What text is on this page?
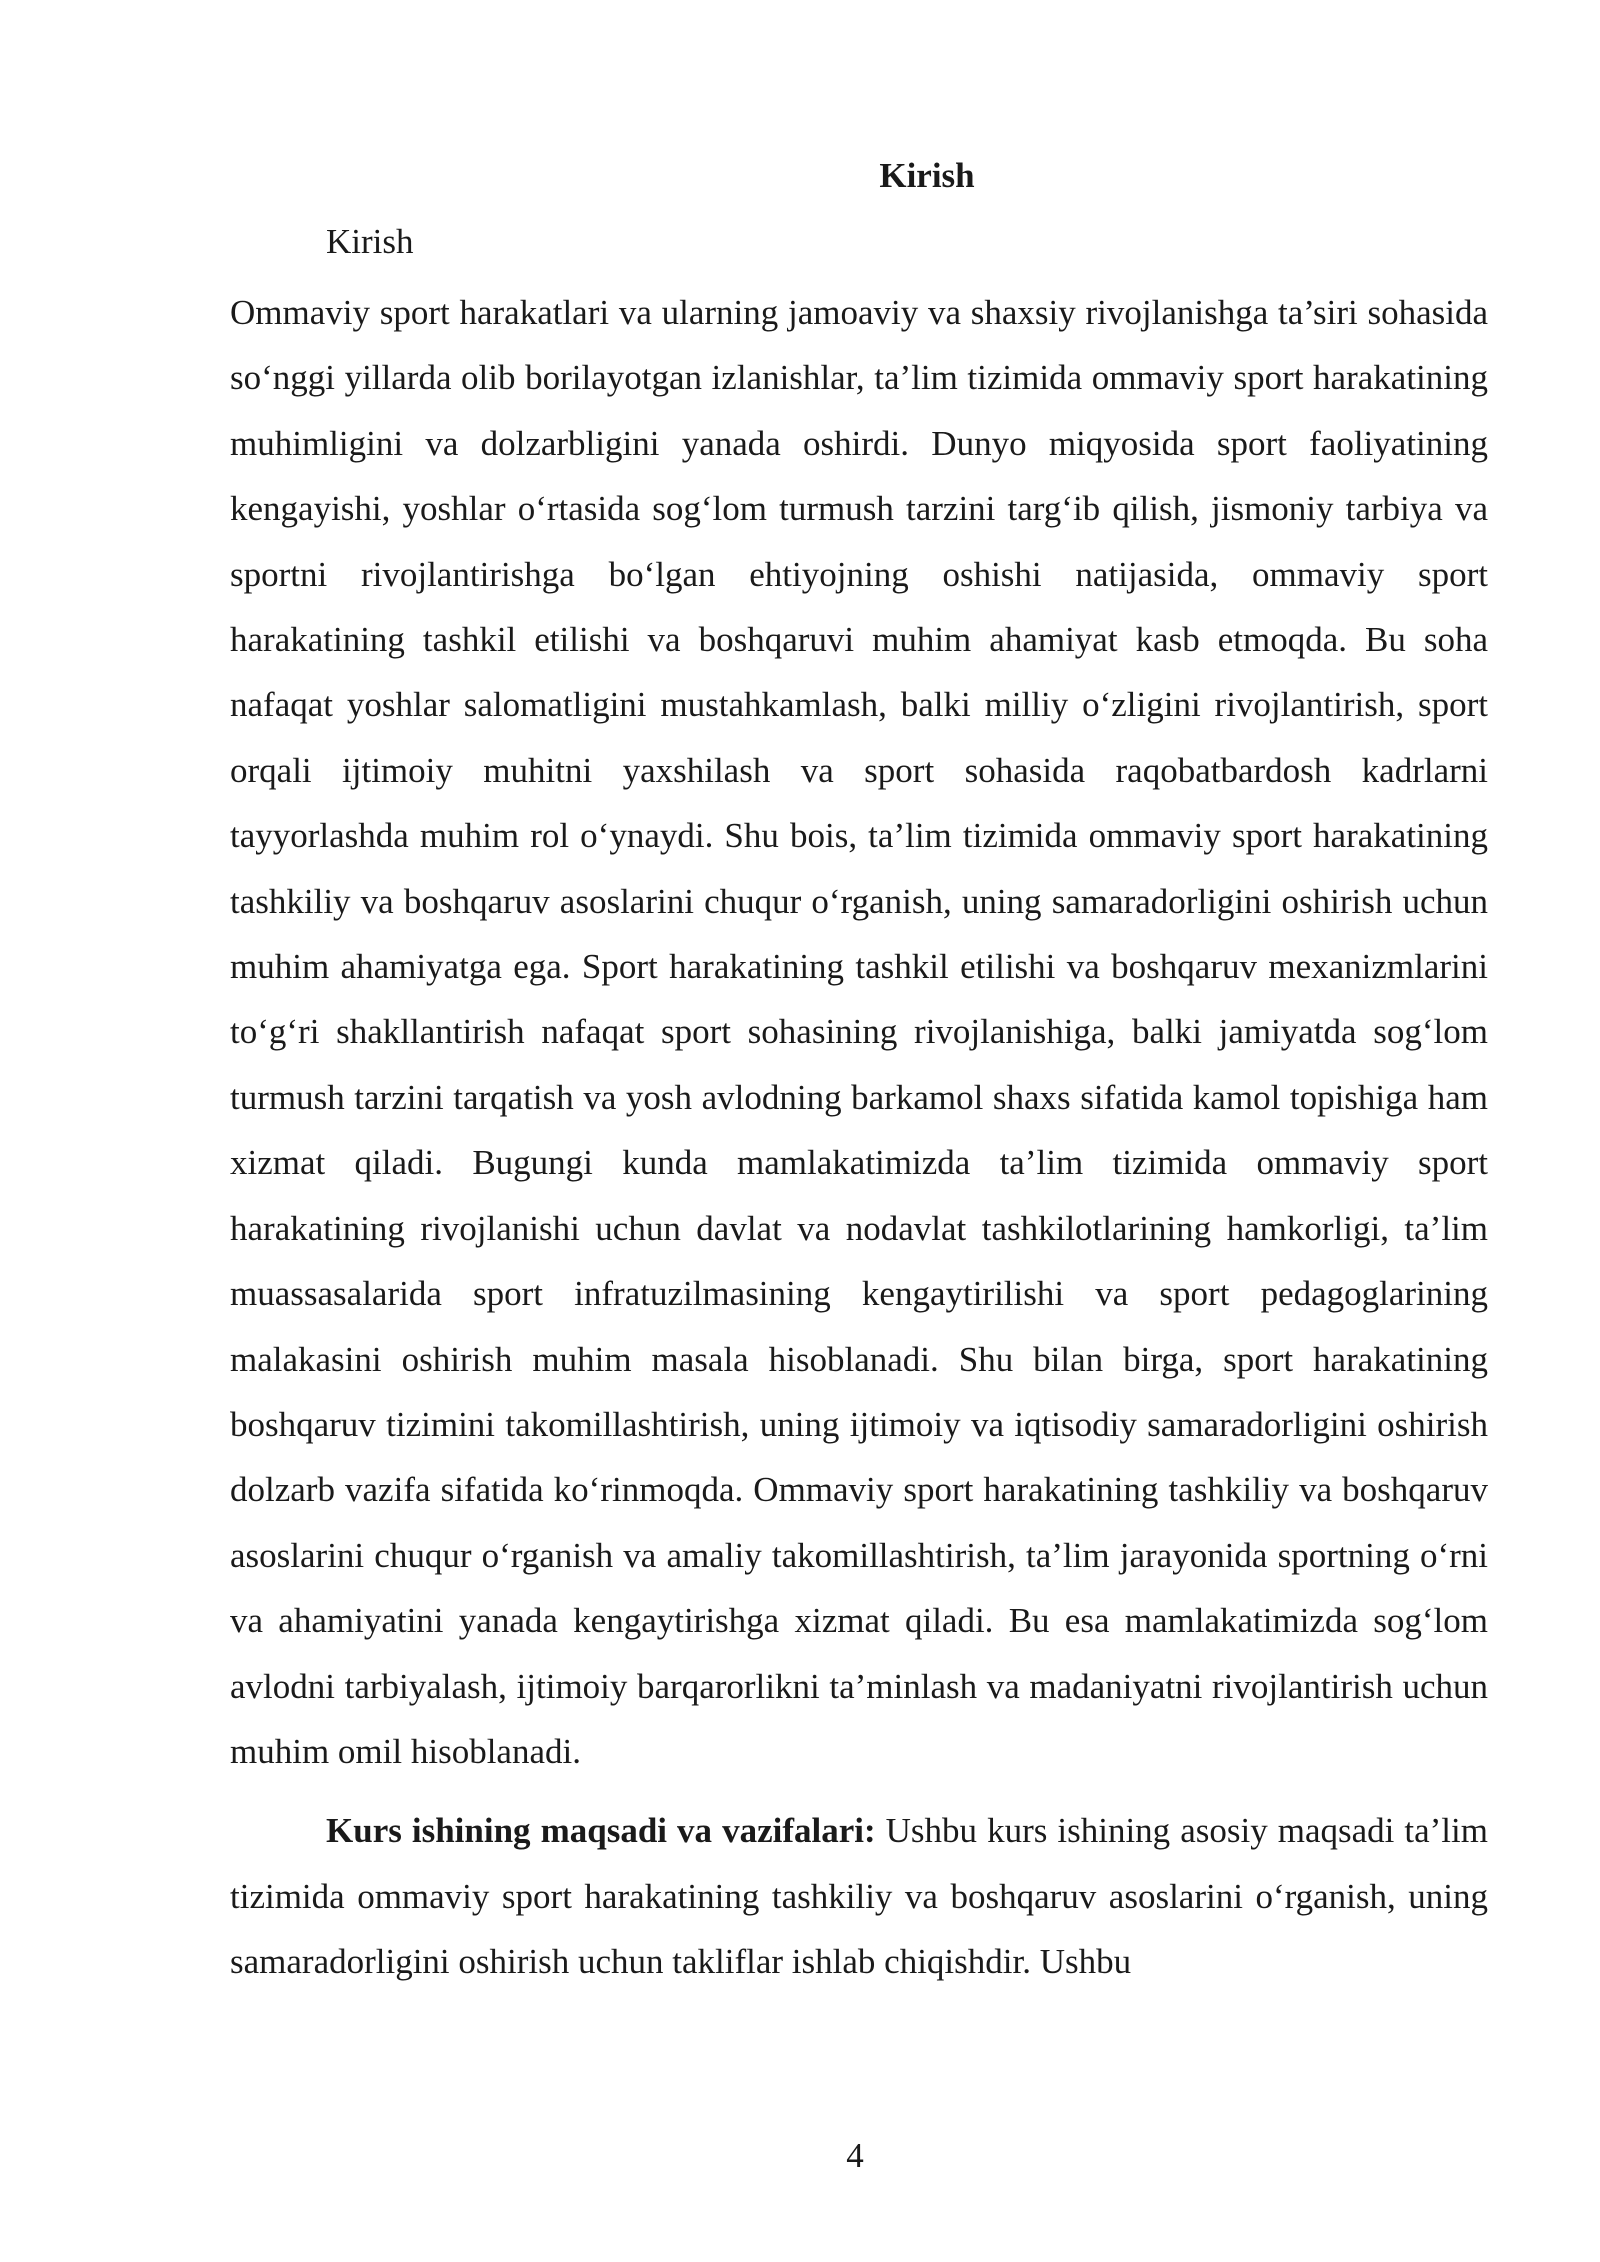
Kirish
Kirish

Ommaviy sport harakatlari va ularning jamoaviy va shaxsiy rivojlanishga ta’siri sohasida so‘nggi yillarda olib borilayotgan izlanishlar, ta’lim tizimida ommaviy sport harakatining muhimligini va dolzarbligini yanada oshirdi. Dunyo miqyosida sport faoliyatining kengayishi, yoshlar o‘rtasida sog‘lom turmush tarzini targ‘ib qilish, jismoniy tarbiya va sportni rivojlantirishga bo‘lgan ehtiyojning oshishi natijasida, ommaviy sport harakatining tashkil etilishi va boshqaruvi muhim ahamiyat kasb etmoqda. Bu soha nafaqat yoshlar salomatligini mustahkamlash, balki milliy o‘zligini rivojlantirish, sport orqali ijtimoiy muhitni yaxshilash va sport sohasida raqobatbardosh kadrlarni tayyorlashda muhim rol o‘ynaydi. Shu bois, ta’lim tizimida ommaviy sport harakatining tashkiliy va boshqaruv asoslarini chuqur o‘rganish, uning samaradorligini oshirish uchun muhim ahamiyatga ega. Sport harakatining tashkil etilishi va boshqaruv mexanizmlarini to‘g‘ri shakllantirish nafaqat sport sohasining rivojlanishiga, balki jamiyatda sog‘lom turmush tarzini tarqatish va yosh avlodning barkamol shaxs sifatida kamol topishiga ham xizmat qiladi. Bugungi kunda mamlakatimizda ta’lim tizimida ommaviy sport harakatining rivojlanishi uchun davlat va nodavlat tashkilotlarining hamkorligi, ta’lim muassasalarida sport infratuzilmasining kengaytirilishi va sport pedagoglarining malakasini oshirish muhim masala hisoblanadi. Shu bilan birga, sport harakatining boshqaruv tizimini takomillashtirish, uning ijtimoiy va iqtisodiy samaradorligini oshirish dolzarb vazifa sifatida ko‘rinmoqda. Ommaviy sport harakatining tashkiliy va boshqaruv asoslarini chuqur o‘rganish va amaliy takomillashtirish, ta’lim jarayonida sportning o‘rni va ahamiyatini yanada kengaytirishga xizmat qiladi. Bu esa mamlakatimizda sog‘lom avlodni tarbiyalash, ijtimoiy barqarorlikni ta’minlash va madaniyatni rivojlantirish uchun muhim omil hisoblanadi.

Kurs ishining maqsadi va vazifalari: Ushbu kurs ishining asosiy maqsadi ta’lim tizimida ommaviy sport harakatining tashkiliy va boshqaruv asoslarini o‘rganish, uning samaradorligini oshirish uchun takliflar ishlab chiqishdir. Ushbu

4
